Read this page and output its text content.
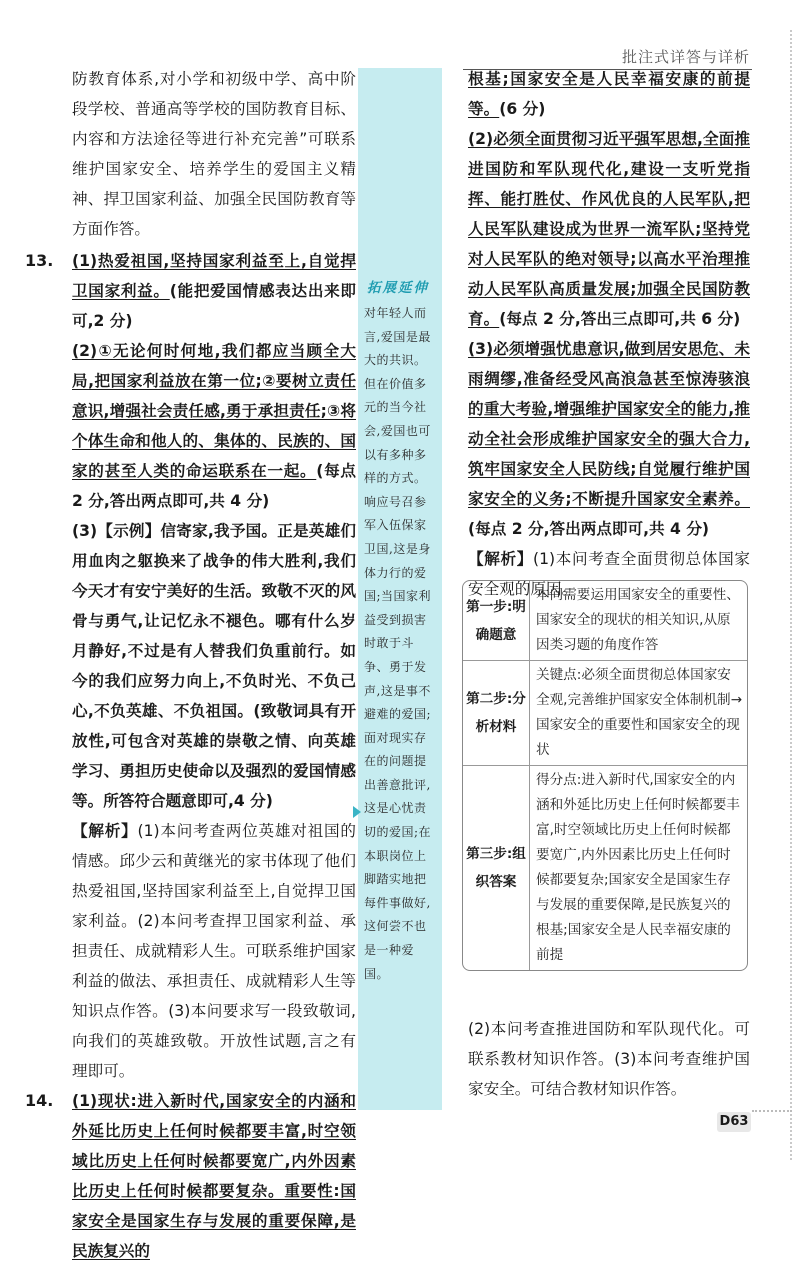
批注式详答与详析

防教育体系,对小学和初级中学、高中阶段学校、普通高等学校的国防教育目标、内容和方法途径等进行补充完善”可联系维护国家安全、培养学生的爱国主义精神、捍卫国家利益、加强全民国防教育等方面作答。

13. (1)热爱祖国,坚持国家利益至上,自觉捍卫国家利益。(能把爱国情感表达出来即可,2 分)

(2)①无论何时何地,我们都应当顾全大局,把国家利益放在第一位;②要树立责任意识,增强社会责任感,勇于承担责任;③将个体生命和他人的、集体的、民族的、国家的甚至人类的命运联系在一起。(每点 2 分,答出两点即可,共 4 分)

(3)【示例】信寄家,我予国。正是英雄们用血肉之躯换来了战争的伟大胜利,我们今天才有安宁美好的生活。致敬不灭的风骨与勇气,让记忆永不褪色。哪有什么岁月静好,不过是有人替我们负重前行。如今的我们应努力向上,不负时光、不负己心,不负英雄、不负祖国。(致敬词具有开放性,可包含对英雄的崇敬之情、向英雄学习、勇担历史使命以及强烈的爱国情感等。所答符合题意即可,4 分)

【解析】(1)本问考查两位英雄对祖国的情感。邱少云和黄继光的家书体现了他们热爱祖国,坚持国家利益至上,自觉捍卫国家利益。(2)本问考查捍卫国家利益、承担责任、成就精彩人生。可联系维护国家利益的做法、承担责任、成就精彩人生等知识点作答。(3)本问要求写一段致敬词,向我们的英雄致敬。开放性试题,言之有理即可。

14. (1)现状:进入新时代,国家安全的内涵和外延比历史上任何时候都要丰富,时空领域比历史上任何时候都要宽广,内外因素比历史上任何时候都要复杂。重要性:国家安全是国家生存与发展的重要保障,是民族复兴的

拓展延伸
对年轻人而言,爱国是最大的共识。但在价值多元的当今社会,爱国也可以有多种多样的方式。响应号召参军入伍保家卫国,这是身体力行的爱国;当国家利益受到损害时敢于斗争、勇于发声,这是事不避难的爱国;面对现实存在的问题提出善意批评,这是心忧责切的爱国;在本职岗位上脚踏实地把每件事做好,这何尝不也是一种爱国。

根基;国家安全是人民幸福安康的前提等。(6 分)

(2)必须全面贯彻习近平强军思想,全面推进国防和军队现代化,建设一支听党指挥、能打胜仗、作风优良的人民军队,把人民军队建设成为世界一流军队;坚持党对人民军队的绝对领导;以高水平治理推动人民军队高质量发展;加强全民国防教育。(每点 2 分,答出三点即可,共 6 分)

(3)必须增强忧患意识,做到居安思危、未雨绸缪,准备经受风高浪急甚至惊涛骇浪的重大考验,增强维护国家安全的能力,推动全社会形成维护国家安全的强大合力,筑牢国家安全人民防线;自觉履行维护国家安全的义务;不断提升国家安全素养。(每点 2 分,答出两点即可,共 4 分)

【解析】(1)本问考查全面贯彻总体国家安全观的原因。

第一步:明确题意	本问需要运用国家安全的重要性、国家安全的现状的相关知识,从原因类习题的角度作答
第二步:分析材料	关键点:必须全面贯彻总体国家安全观,完善维护国家安全体制机制→国家安全的重要性和国家安全的现状
第三步:组织答案	得分点:进入新时代,国家安全的内涵和外延比历史上任何时候都要丰富,时空领域比历史上任何时候都要宽广,内外因素比历史上任何时候都要复杂;国家安全是国家生存与发展的重要保障,是民族复兴的根基;国家安全是人民幸福安康的前提

(2)本问考查推进国防和军队现代化。可联系教材知识作答。(3)本问考查维护国家安全。可结合教材知识作答。

D63
